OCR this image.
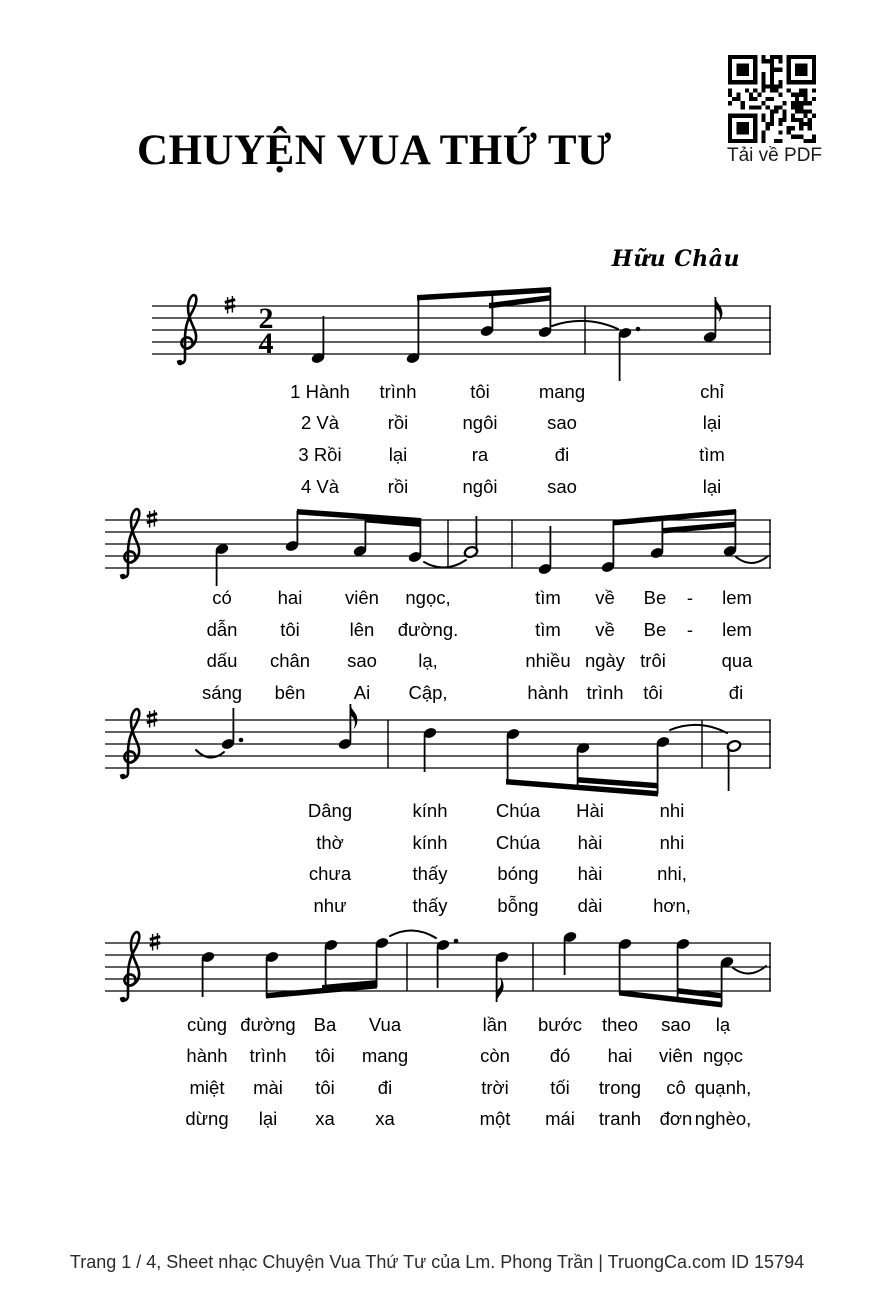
CHUYỆN VUA THỨ TƯ	Tải về PDF
Hữu Châu
2
4
1 Hành trình	tôi	mang	chỉ
2 Và	rồi	ngôi	sao	lại
3 Rồi	lại	ra	đi	tìm
4 Và	rồi	ngôi	sao	lại
có hai viên ngọc,	tìm về Be - lem
dẫn tôi	lên đường.	tìm về Be - lem
dấu chân sao lạ,	nhiều ngày trôi	qua
sáng bên	Ai Cập,	hành trình tôi	đi
Dâng	kính	Chúa Hài	nhi
thờ	kính	Chúa hài	nhi
chưa	thấy	bóng hài	nhi,
như	thấy	bỗng dài	hơn,
cùng đường Ba Vua	lần bước theo sao lạ
hành trình tôi mang	còn đó hai viên ngọc
miệt mài tôi đi	trời tối trong cô quạnh,
dừng lại xa xa	một mái tranh đơn nghèo,
Trang 1 / 4, Sheet nhạc Chuyện Vua Thứ Tư của Lm. Phong Trần | TruongCa.com ID 15794
